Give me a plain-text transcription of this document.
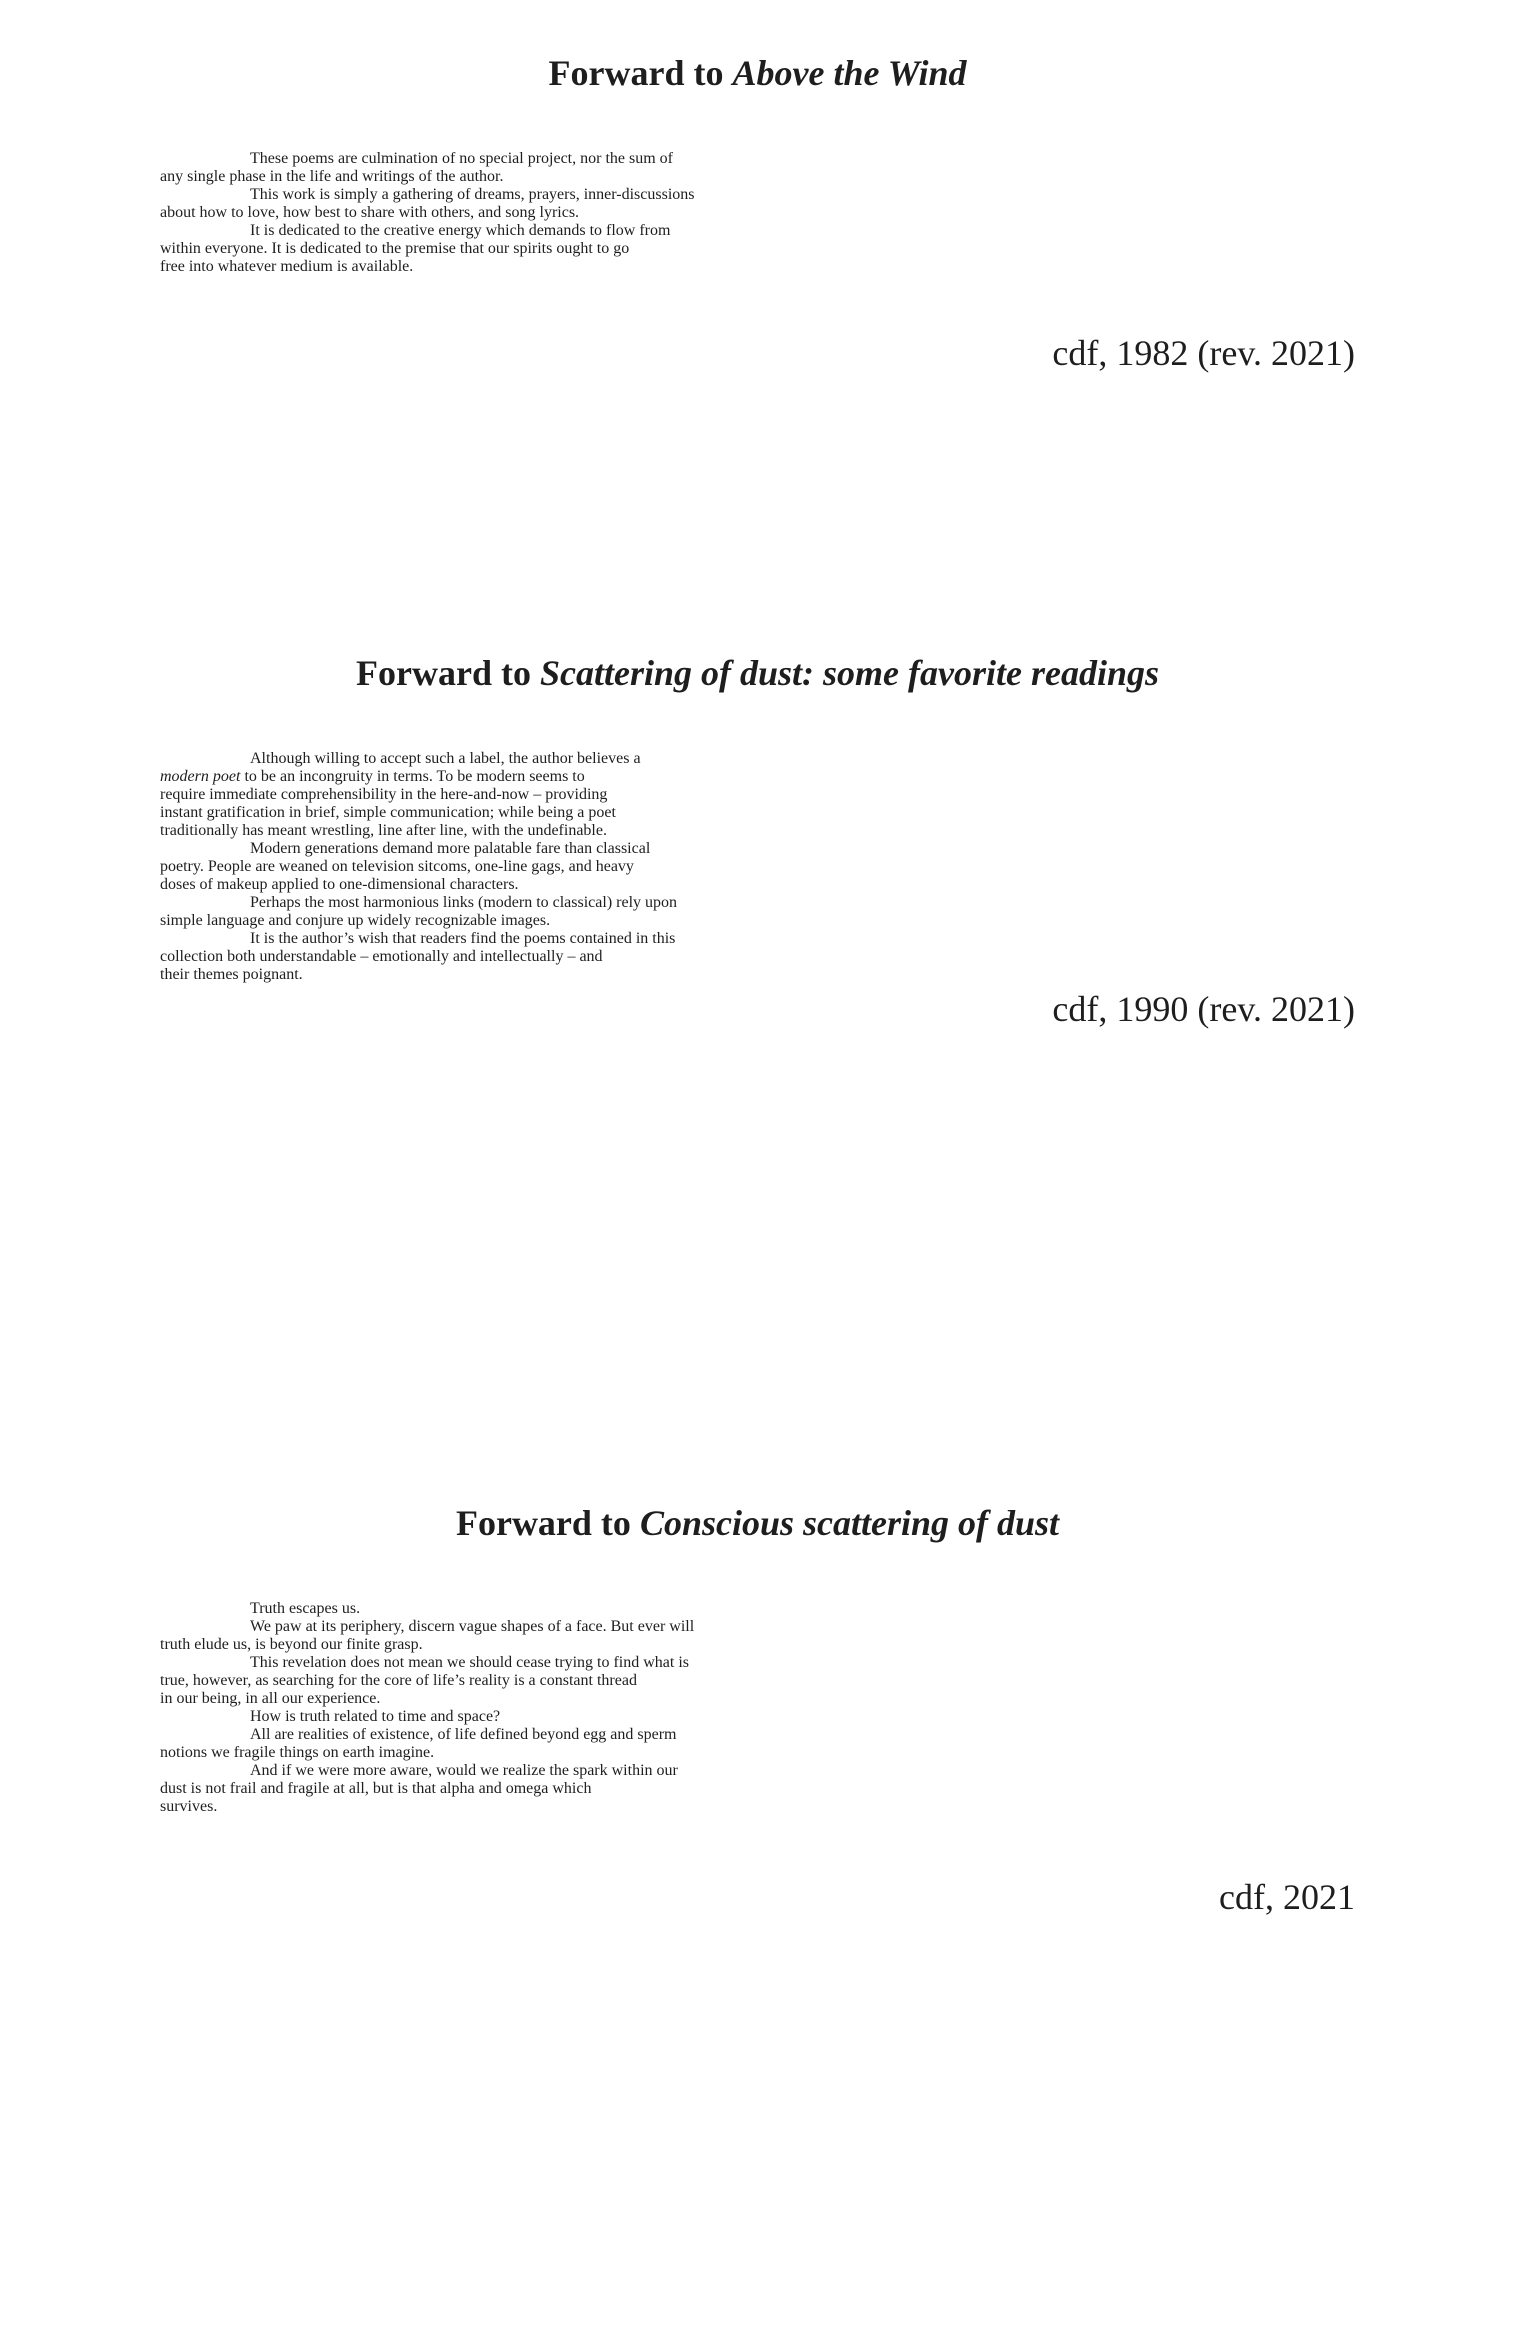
Forward to Above the Wind
These poems are culmination of no special project, nor the sum of
any single phase in the life and writings of the author.
This work is simply a gathering of dreams, prayers, inner-discussions
about how to love, how best to share with others, and song lyrics.
It is dedicated to the creative energy which demands to flow from
within everyone. It is dedicated to the premise that our spirits ought to go
free into whatever medium is available.

cdf, 1982 (rev. 2021)

Forward to Scattering of dust: some favorite readings
Although willing to accept such a label, the author believes a
modern poet to be an incongruity in terms. To be modern seems to
require immediate comprehensibility in the here-and-now – providing
instant gratification in brief, simple communication; while being a poet
traditionally has meant wrestling, line after line, with the undefinable.
Modern generations demand more palatable fare than classical
poetry. People are weaned on television sitcoms, one-line gags, and heavy
doses of makeup applied to one-dimensional characters.
Perhaps the most harmonious links (modern to classical) rely upon
simple language and conjure up widely recognizable images.
It is the author’s wish that readers find the poems contained in this
collection both understandable – emotionally and intellectually – and
their themes poignant.

cdf, 1990 (rev. 2021)

Forward to Conscious scattering of dust
Truth escapes us.
We paw at its periphery, discern vague shapes of a face. But ever will
truth elude us, is beyond our finite grasp.
This revelation does not mean we should cease trying to find what is
true, however, as searching for the core of life’s reality is a constant thread
in our being, in all our experience.
How is truth related to time and space?
All are realities of existence, of life defined beyond egg and sperm
notions we fragile things on earth imagine.
And if we were more aware, would we realize the spark within our
dust is not frail and fragile at all, but is that alpha and omega which
survives.

cdf, 2021
